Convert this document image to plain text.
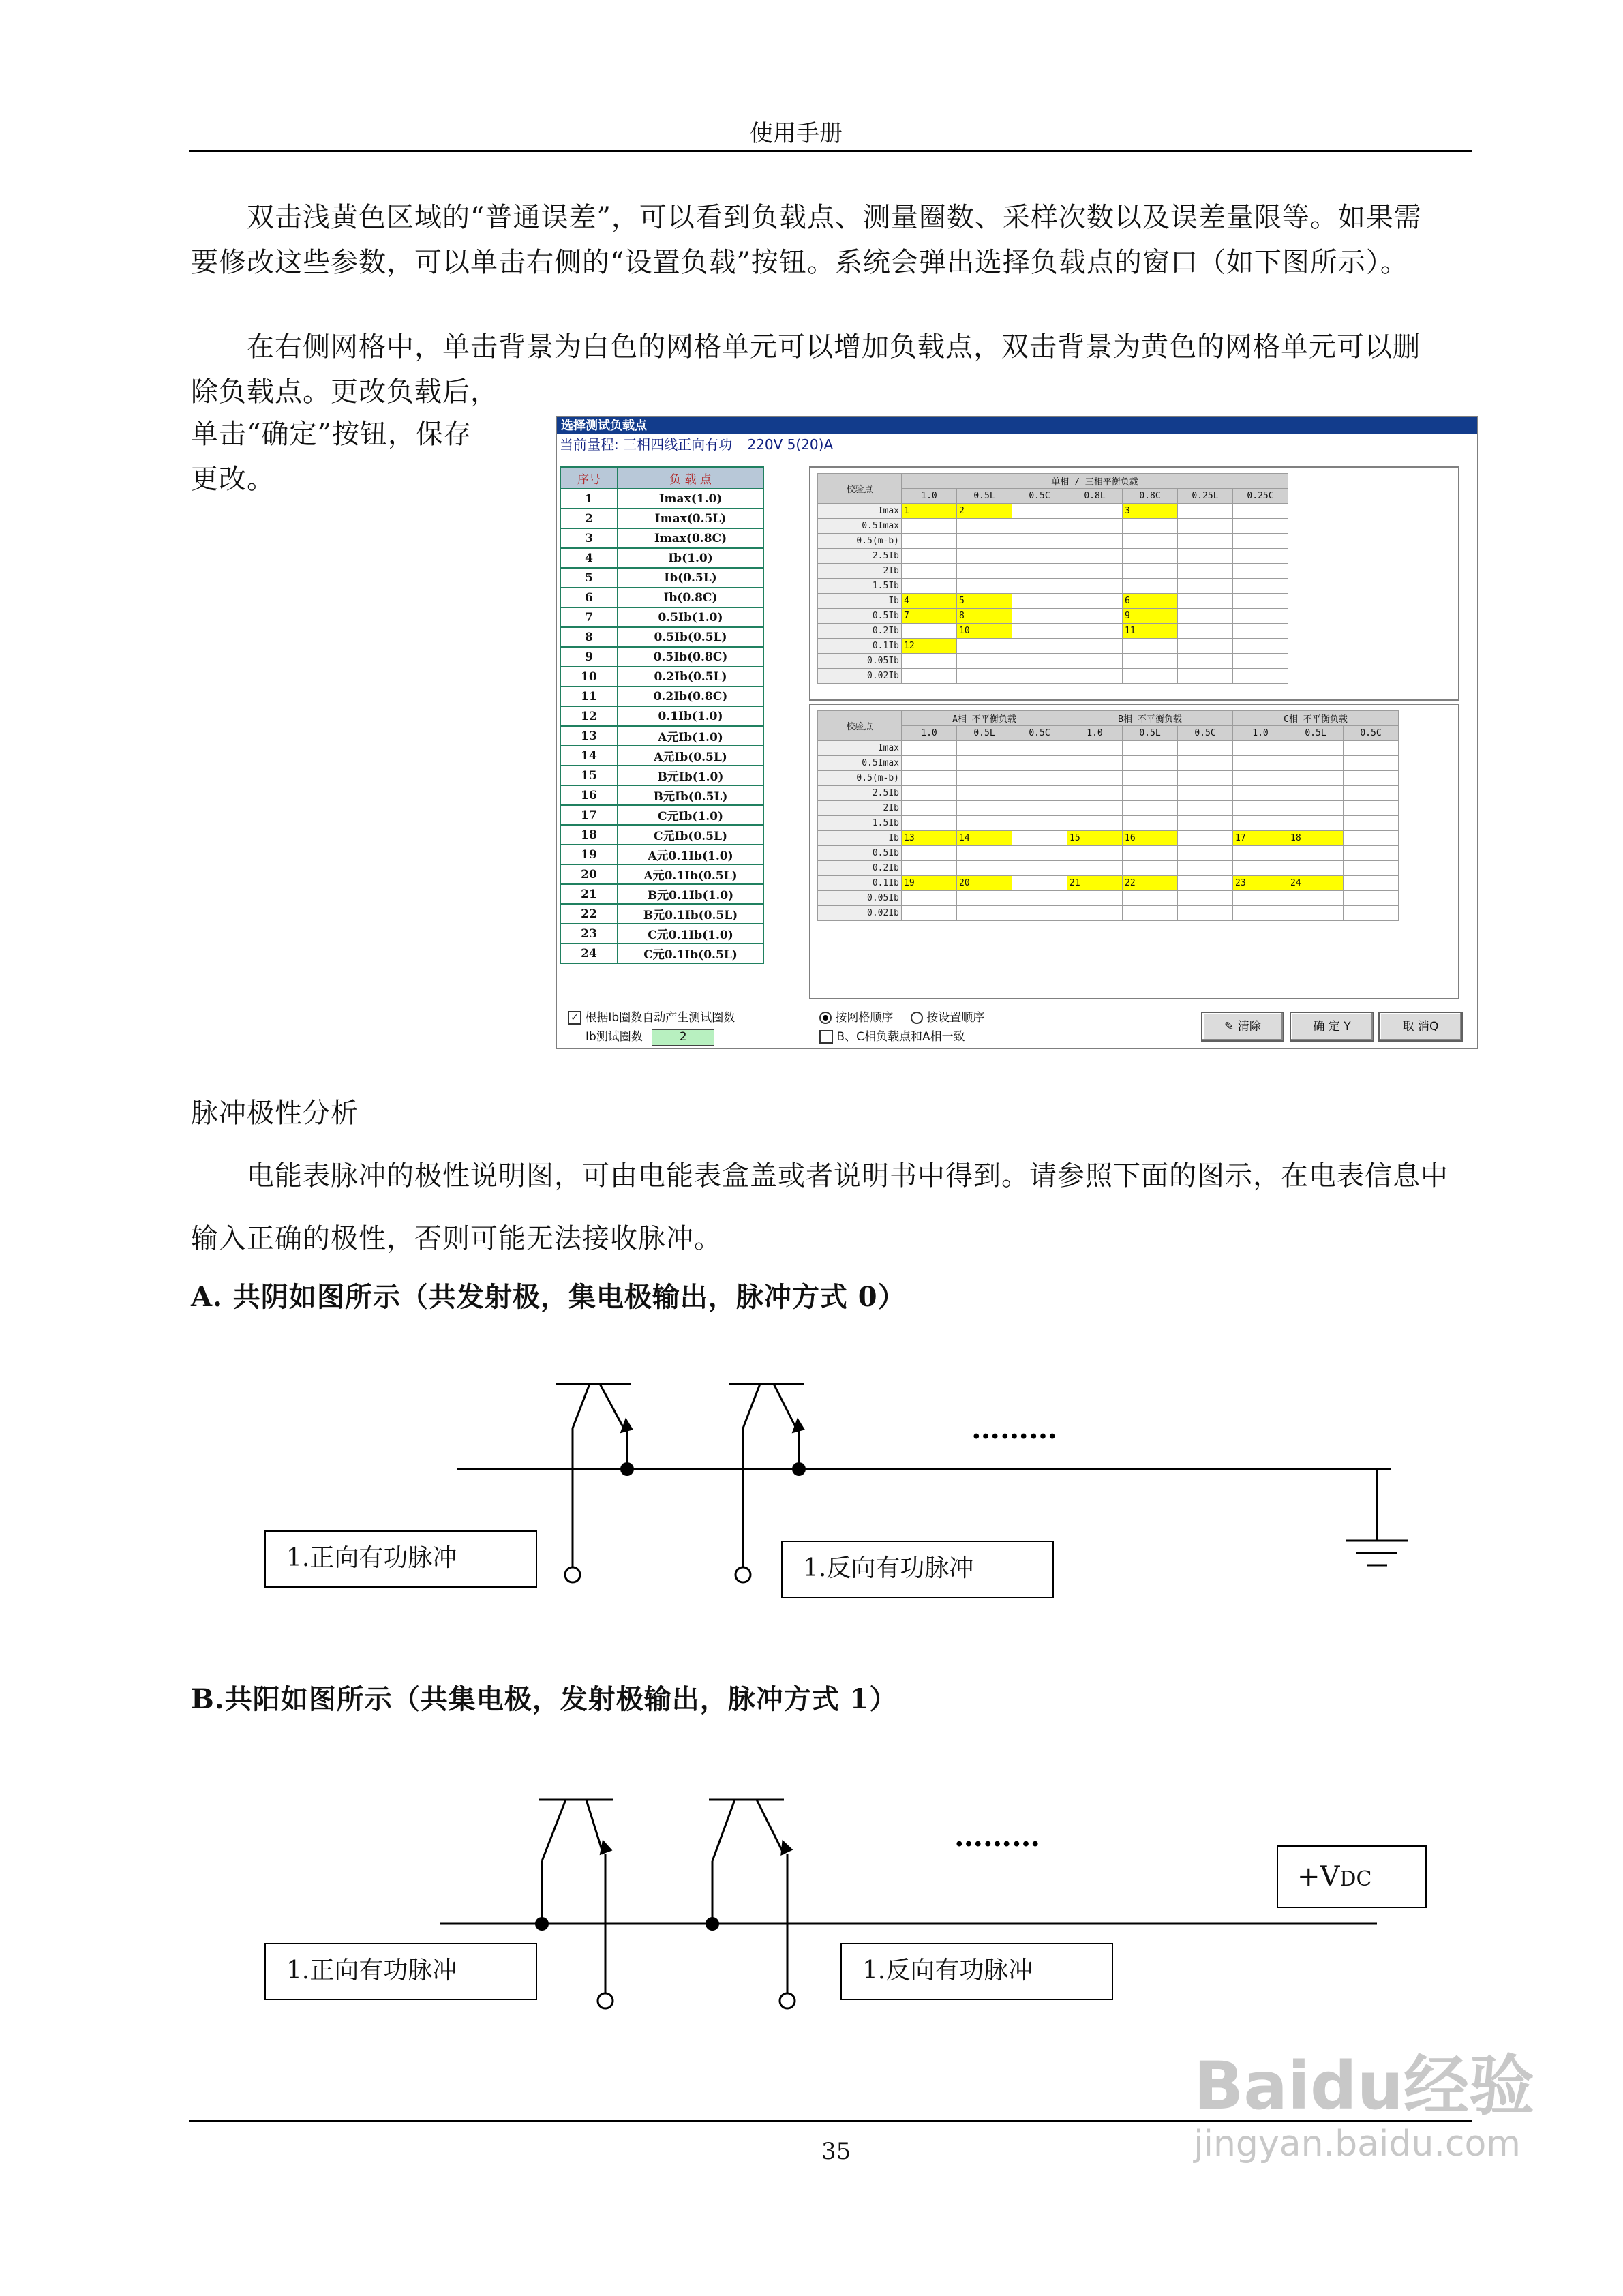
使用手册
双击浅黄色区域的“普通误差”，可以看到负载点、测量圈数、采样次数以及误差量限等。如果需
要修改这些参数，可以单击右侧的“设置负载”按钮。系统会弹出选择负载点的窗口（如下图所示）。
在右侧网格中，单击背景为白色的网格单元可以增加负载点，双击背景为黄色的网格单元可以删
除负载点。更改负载后，
单击“确定”按钮，保存
更改。
选择测试负载点
当前量程: 三相四线正向有功 220V 5(20)A
序号	负 载 点
1	Imax(1.0)
2	Imax(0.5L)
3	Imax(0.8C)
4	Ib(1.0)
5	Ib(0.5L)
6	Ib(0.8C)
7	0.5Ib(1.0)
8	0.5Ib(0.5L)
9	0.5Ib(0.8C)
10	0.2Ib(0.5L)
11	0.2Ib(0.8C)
12	0.1Ib(1.0)
13	A元Ib(1.0)
14	A元Ib(0.5L)
15	B元Ib(1.0)
16	B元Ib(0.5L)
17	C元Ib(1.0)
18	C元Ib(0.5L)
19	A元0.1Ib(1.0)
20	A元0.1Ib(0.5L)
21	B元0.1Ib(1.0)
22	B元0.1Ib(0.5L)
23	C元0.1Ib(1.0)
24	C元0.1Ib(0.5L)
校验点	单相 / 三相平衡负载						
	1.0	0.5L	0.5C	0.8L	0.8C	0.25L	0.25C
Imax	1	2			3		
0.5Imax							
0.5(m-b)							
2.5Ib							
2Ib							
1.5Ib							
Ib	4	5			6		
0.5Ib	7	8			9		
0.2Ib		10			11		
0.1Ib	12						
0.05Ib							
0.02Ib							
校验点	A相 不平衡负载			B相 不平衡负载			C相 不平衡负载		
	1.0	0.5L	0.5C	1.0	0.5L	0.5C	1.0	0.5L	0.5C
Imax									
0.5Imax									
0.5(m-b)									
2.5Ib									
2Ib									
1.5Ib									
Ib	13	14		15	16		17	18	
0.5Ib									
0.2Ib									
0.1Ib	19	20		21	22		23	24	
0.05Ib									
0.02Ib									
✓ 根据Ib圈数自动产生测试圈数
Ib测试圈数	2
按网格顺序	按设置顺序
B、C相负载点和A相一致
✎ 清除	确 定 Y	取 消Q
脉冲极性分析
电能表脉冲的极性说明图，可由电能表盒盖或者说明书中得到。请参照下面的图示，在电表信息中
输入正确的极性，否则可能无法接收脉冲。
A. 共阴如图所示（共发射极，集电极输出，脉冲方式 0）
………
1.正向有功脉冲	1.反向有功脉冲
B.共阳如图所示（共集电极，发射极输出，脉冲方式 1）
………
1.正向有功脉冲	1.反向有功脉冲
+VDC
35
Baidu经验
jingyan.baidu.com
